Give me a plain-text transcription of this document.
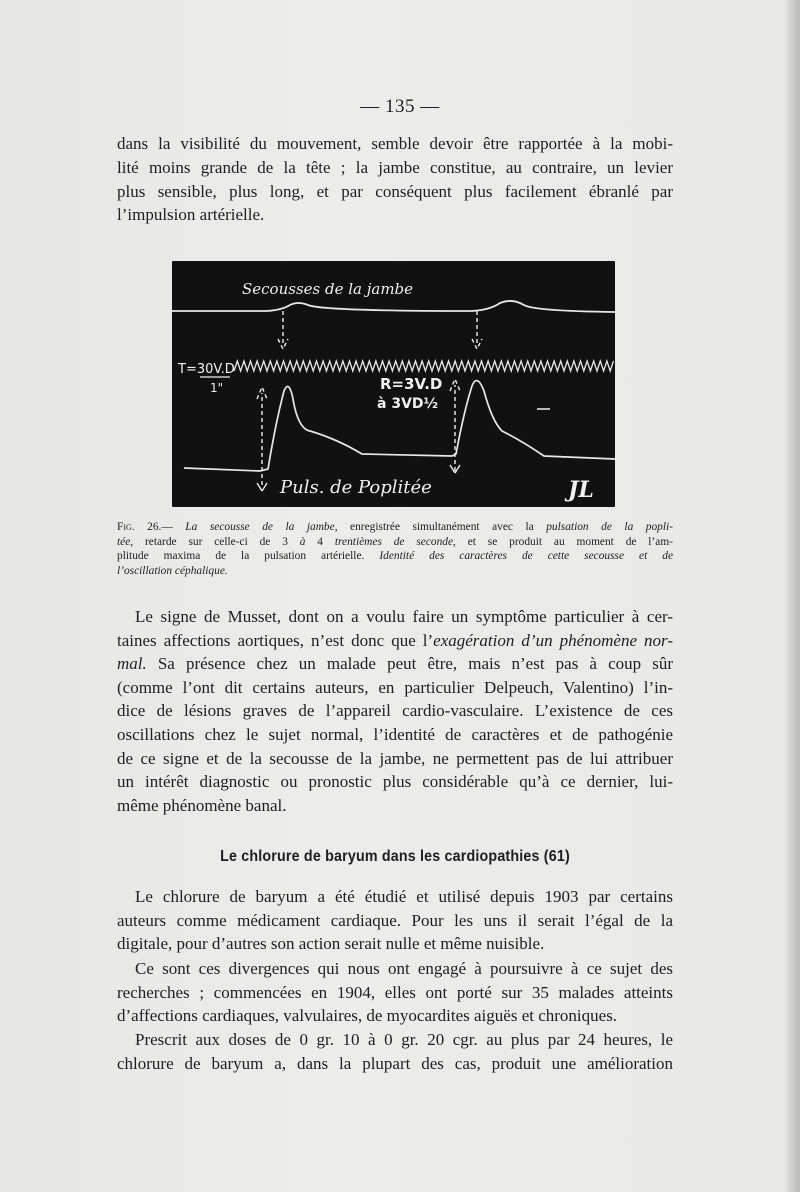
— 135 —
dans la visibilité du mouvement, semble devoir être rapportée à la mobi-
lité moins grande de la tête ; la jambe constitue, au contraire, un levier
plus sensible, plus long, et par conséquent plus facilement ébranlé par
l’impulsion artérielle.
Secousses de la jambe
T=30V.D
1"	R=3V.D
à 3VD½
Puls. de Poplitée	JL
Fig. 26.— La secousse de la jambe, enregistrée simultanément avec la pulsation de la popli-
tée, retarde sur celle-ci de 3 à 4 trentièmes de seconde, et se produit au moment de l’am-
plitude maxima de la pulsation artérielle. Identité des caractères de cette secousse et de
l’oscillation céphalique.
Le signe de Musset, dont on a voulu faire un symptôme particulier à cer-
taines affections aortiques, n’est donc que l’exagération d’un phénomène nor-
mal. Sa présence chez un malade peut être, mais n’est pas à coup sûr
(comme l’ont dit certains auteurs, en particulier Delpeuch, Valentino) l’in-
dice de lésions graves de l’appareil cardio-vasculaire. L’existence de ces
oscillations chez le sujet normal, l’identité de caractères et de pathogénie
de ce signe et de la secousse de la jambe, ne permettent pas de lui attribuer
un intérêt diagnostic ou pronostic plus considérable qu’à ce dernier, lui-
même phénomène banal.
Le chlorure de baryum dans les cardiopathies (61)
Le chlorure de baryum a été étudié et utilisé depuis 1903 par certains
auteurs comme médicament cardiaque. Pour les uns il serait l’égal de la
digitale, pour d’autres son action serait nulle et même nuisible.
Ce sont ces divergences qui nous ont engagé à poursuivre à ce sujet des
recherches ; commencées en 1904, elles ont porté sur 35 malades atteints
d’affections cardiaques, valvulaires, de myocardites aiguës et chroniques.
Prescrit aux doses de 0 gr. 10 à 0 gr. 20 cgr. au plus par 24 heures, le
chlorure de baryum a, dans la plupart des cas, produit une amélioration
